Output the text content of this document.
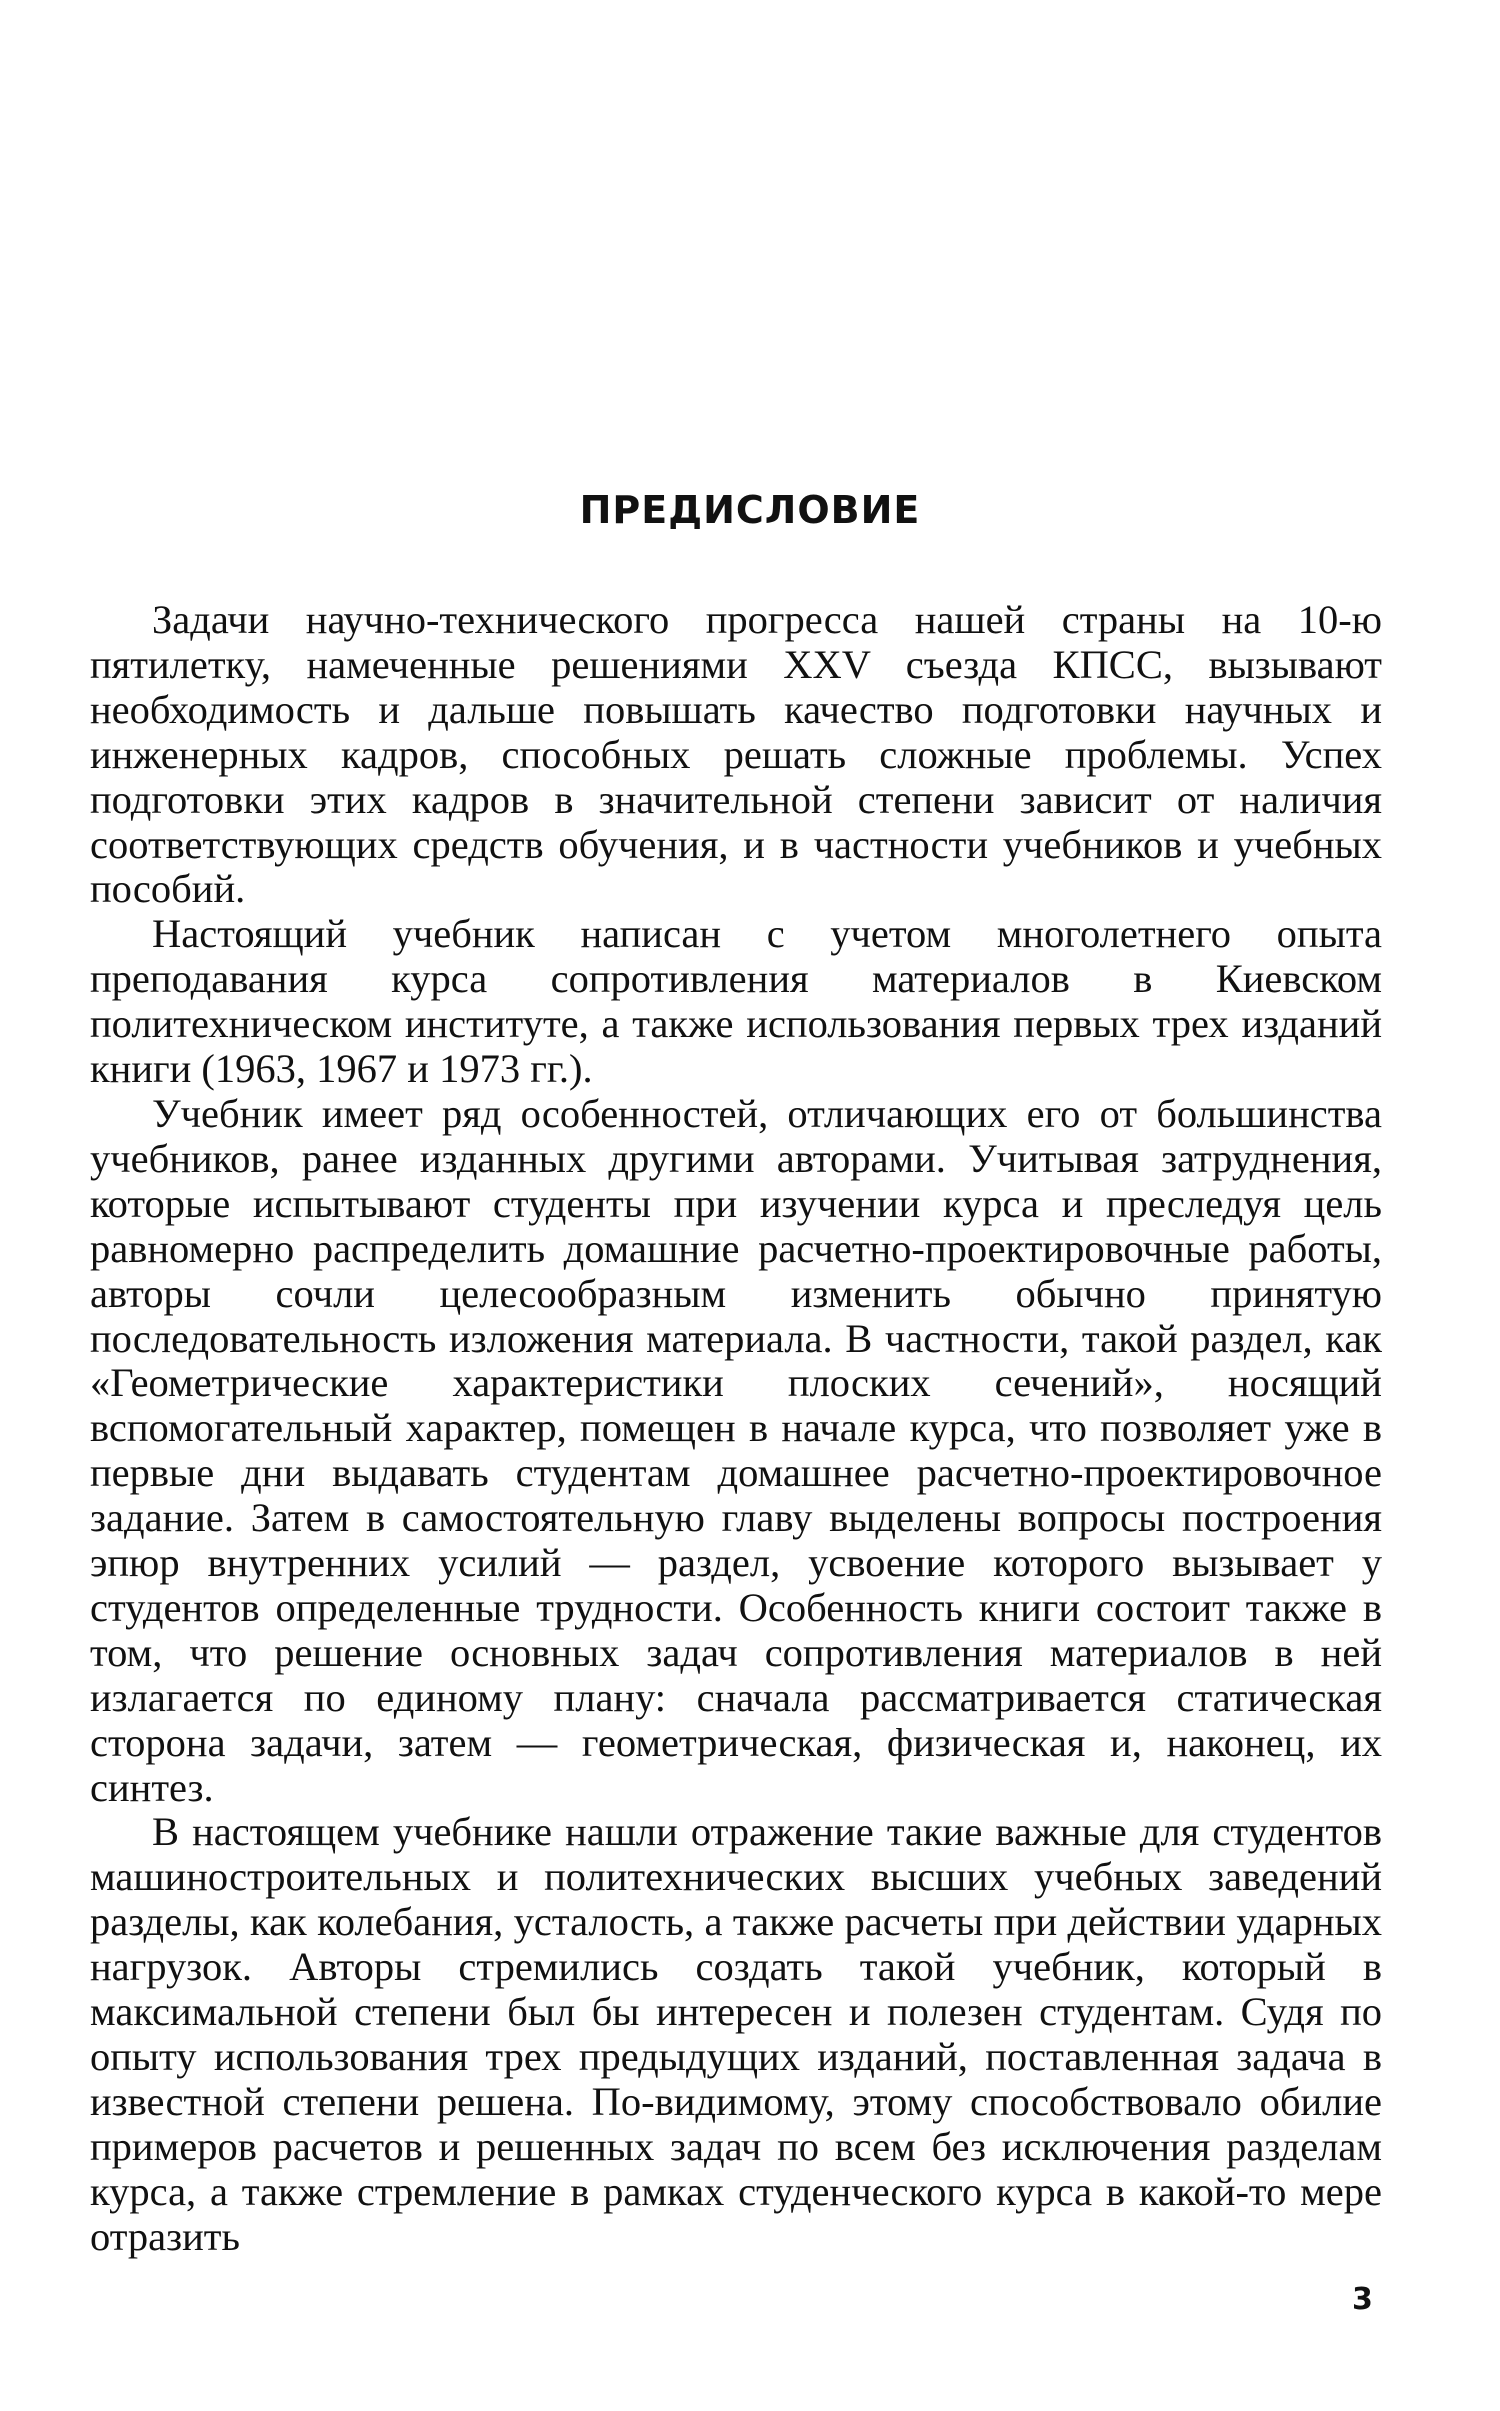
ПРЕДИСЛОВИЕ

Задачи научно-технического прогресса нашей страны на 10-ю пятилетку, намеченные решениями XXV съезда КПСС, вызывают необходимость и дальше повышать качество подготовки научных и инженерных кадров, способных решать сложные проблемы. Успех подготовки этих кадров в значительной степени зависит от наличия соответствующих средств обучения, и в частности учебников и учебных пособий.

Настоящий учебник написан с учетом многолетнего опыта преподавания курса сопротивления материалов в Киевском политехническом институте, а также использования первых трех изданий книги (1963, 1967 и 1973 гг.).

Учебник имеет ряд особенностей, отличающих его от большинства учебников, ранее изданных другими авторами. Учитывая затруднения, которые испытывают студенты при изучении курса и преследуя цель равномерно распределить домашние расчетно-проектировочные работы, авторы сочли целесообразным изменить обычно принятую последовательность изложения материала. В частности, такой раздел, как «Геометрические характеристики плоских сечений», носящий вспомогательный характер, помещен в начале курса, что позволяет уже в первые дни выдавать студентам домашнее расчетно-проектировочное задание. Затем в самостоятельную главу выделены вопросы построения эпюр внутренних усилий — раздел, усвоение которого вызывает у студентов определенные трудности. Особенность книги состоит также в том, что решение основных задач сопротивления материалов в ней излагается по единому плану: сначала рассматривается статическая сторона задачи, затем — геометрическая, физическая и, наконец, их синтез.

В настоящем учебнике нашли отражение такие важные для студентов машиностроительных и политехнических высших учебных заведений разделы, как колебания, усталость, а также расчеты при действии ударных нагрузок. Авторы стремились создать такой учебник, который в максимальной степени был бы интересен и полезен студентам. Судя по опыту использования трех предыдущих изданий, поставленная задача в известной степени решена. По-видимому, этому способствовало обилие примеров расчетов и решенных задач по всем без исключения разделам курса, а также стремление в рамках студенческого курса в какой-то мере отразить

3
